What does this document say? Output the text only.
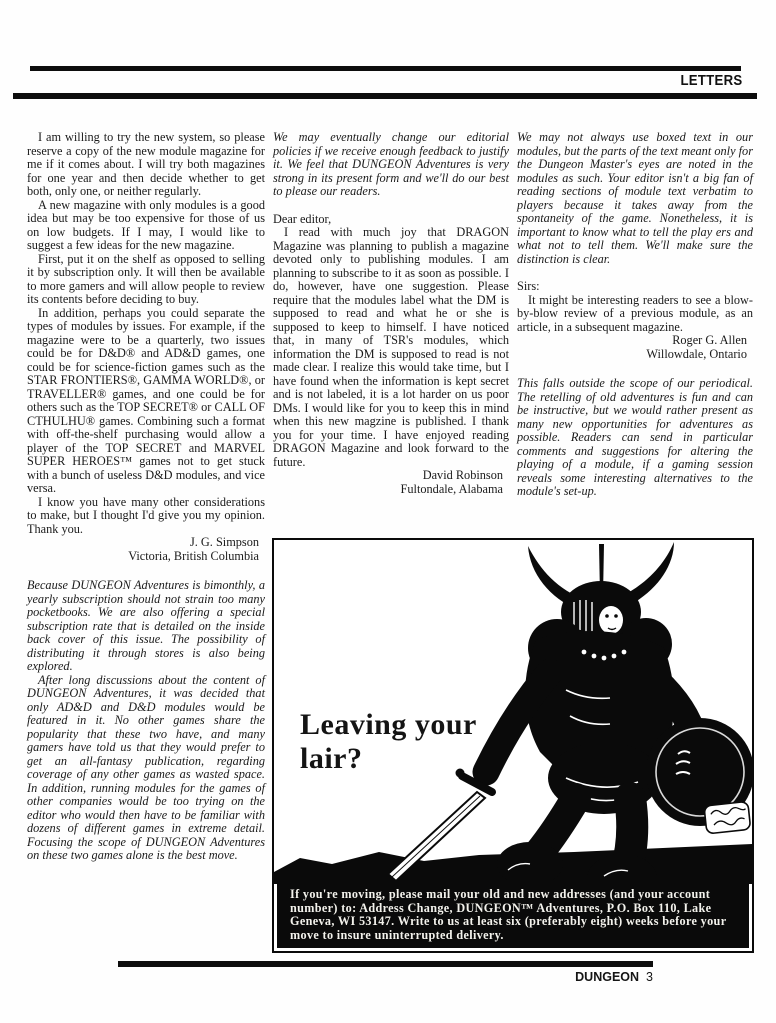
LETTERS

I am willing to try the new system, so please reserve a copy of the new module magazine for me if it comes about. I will try both magazines for one year and then decide whether to get both, only one, or neither regularly.

A new magazine with only modules is a good idea but may be too expensive for those of us on low budgets. If I may, I would like to suggest a few ideas for the new magazine.

First, put it on the shelf as opposed to selling it by subscription only. It will then be available to more gamers and will allow people to review its contents before deciding to buy.

In addition, perhaps you could separate the types of modules by issues. For example, if the magazine were to be a quarterly, two issues could be for D&D® and AD&D games, one could be for science-fiction games such as the STAR FRONTIERS®, GAMMA WORLD®, or TRAVELLER® games, and one could be for others such as the TOP SECRET® or CALL OF CTHULHU® games. Combining such a format with off-the-shelf purchasing would allow a player of the TOP SECRET and MARVEL SUPER HEROES™ games not to get stuck with a bunch of useless D&D modules, and vice versa.

I know you have many other considerations to make, but I thought I'd give you my opinion. Thank you.

J. G. Simpson

Victoria, British Columbia

Because DUNGEON Adventures is bimonthly, a yearly subscription should not strain too many pocketbooks. We are also offering a special subscription rate that is detailed on the inside back cover of this issue. The possibility of distributing it through stores is also being explored.

After long discussions about the content of DUNGEON Adventures, it was decided that only AD&D and D&D modules would be featured in it. No other games share the popularity that these two have, and many gamers have told us that they would prefer to get an all-fantasy publication, regarding coverage of any other games as wasted space. In addition, running modules for the games of other companies would be too trying on the editor who would then have to be familiar with dozens of different games in extreme detail. Focusing the scope of DUNGEON Adventures on these two games alone is the best move.

We may eventually change our editorial policies if we receive enough feedback to justify it. We feel that DUNGEON Adventures is very strong in its present form and we'll do our best to please our readers.

Dear editor,

I read with much joy that DRAGON Magazine was planning to publish a magazine devoted only to publishing modules. I am planning to subscribe to it as soon as possible. I do, however, have one suggestion. Please require that the modules label what the DM is supposed to read and what he or she is supposed to keep to himself. I have noticed that, in many of TSR's modules, which information the DM is supposed to read is not made clear. I realize this would take time, but I have found when the information is kept secret and is not labeled, it is a lot harder on us poor DMs. I would like for you to keep this in mind when this new magzine is published. I thank you for your time. I have enjoyed reading DRAGON Magazine and look forward to the future.

David Robinson

Fultondale, Alabama

We may not always use boxed text in our modules, but the parts of the text meant only for the Dungeon Master's eyes are noted in the modules as such. Your editor isn't a big fan of reading sections of module text verbatim to players because it takes away from the spontaneity of the game. Nonetheless, it is important to know what to tell the play ers and what not to tell them. We'll make sure the distinction is clear.

Sirs:

It might be interesting readers to see a blow-by-blow review of a previous module, as an article, in a subsequent magazine.

Roger G. Allen

Willowdale, Ontario

This falls outside the scope of our periodical. The retelling of old adventures is fun and can be instructive, but we would rather present as many new opportunities for adventures as possible. Readers can send in particular comments and suggestions for altering the playing of a module, if a gaming session reveals some interesting alternatives to the module's set-up.

Leaving your
lair?
If you're moving, please mail your old and new addresses (and your account number) to: Address Change, DUNGEON™ Adventures, P.O. Box 110, Lake Geneva, WI 53147. Write to us at least six (preferably eight) weeks before your move to insure uninterrupted delivery.
DUNGEON 3
